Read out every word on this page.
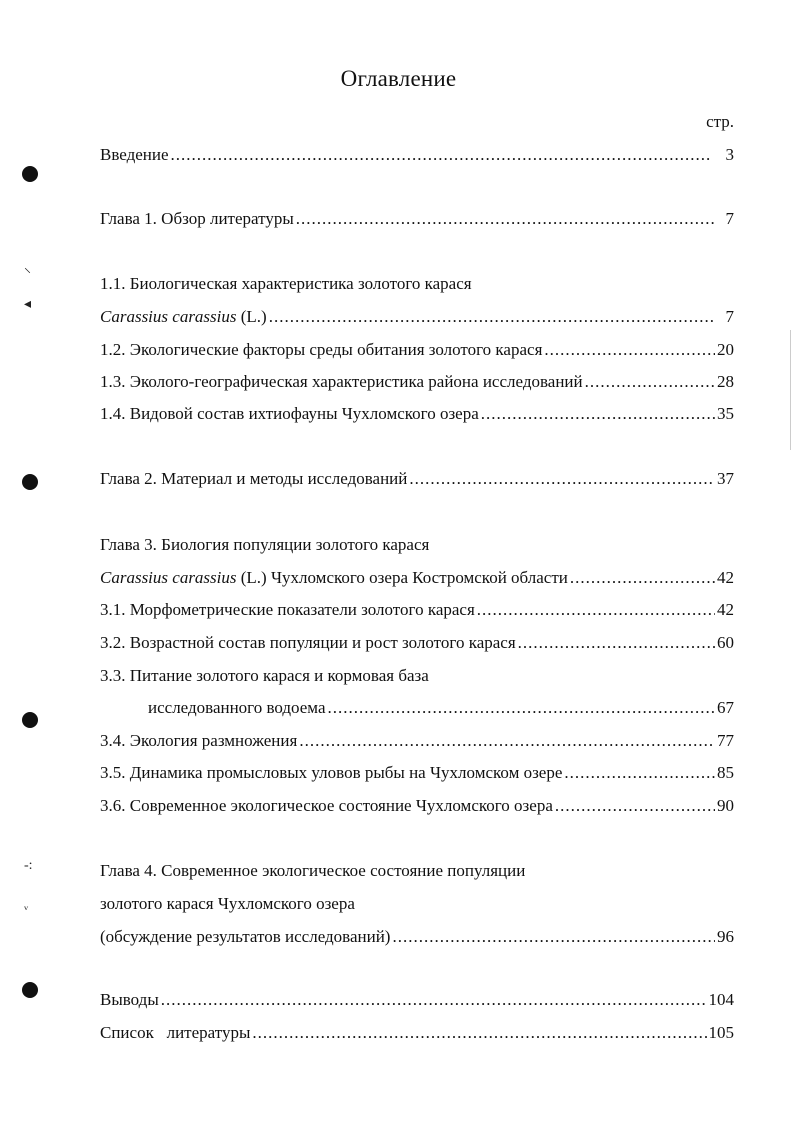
Оглавление
стр.
⸜
◂
-:
ᵥ
Введение .....	3
Глава 1. Обзор литературы .....	7
1.1. Биологическая характеристика золотого карася
Carassius carassius (L.) .....	7
1.2. Экологические факторы среды обитания золотого карася .....	20
1.3. Эколого-географическая характеристика района исследований .....	28
1.4. Видовой состав ихтиофауны Чухломского озера .....	35
Глава 2. Материал и методы исследований .....	37
Глава 3. Биология популяции золотого карася
Carassius carassius (L.) Чухломского озера Костромской области .....	42
3.1. Морфометрические показатели золотого карася .....	42
3.2. Возрастной состав популяции и рост золотого карася .....	60
3.3. Питание золотого карася и кормовая база
исследованного водоема .....	67
3.4. Экология размножения .....	77
3.5. Динамика промысловых уловов рыбы на Чухломском озере .....	85
3.6. Современное экологическое состояние Чухломского озера .....	90
Глава 4. Современное экологическое состояние популяции
золотого карася Чухломского озера
(обсуждение результатов исследований) .....	96
Выводы .....	104
Список   литературы .....	105
